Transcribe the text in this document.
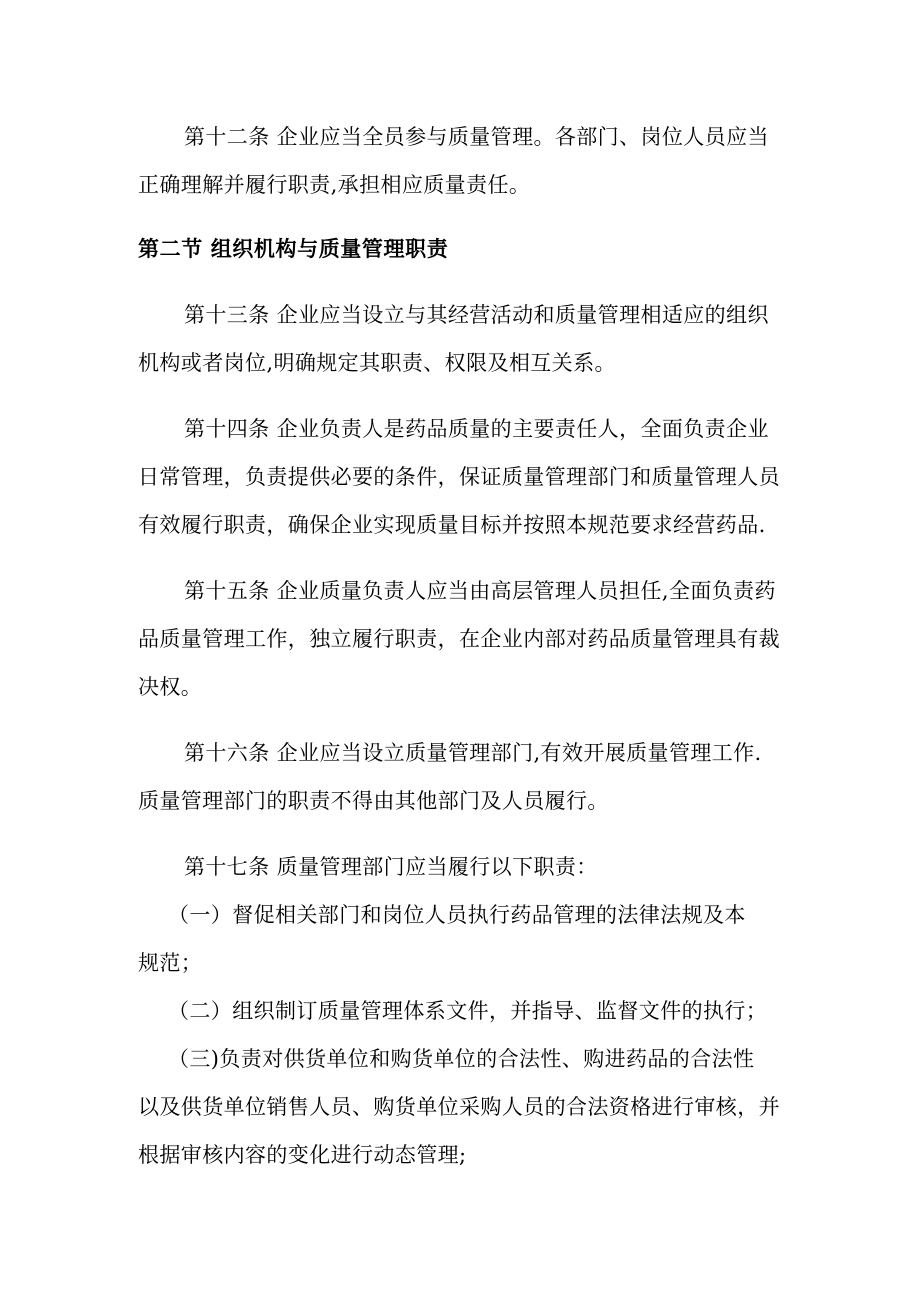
第十二条 企业应当全员参与质量管理。各部门、岗位人员应当
正确理解并履行职责,承担相应质量责任。
第二节 组织机构与质量管理职责
第十三条 企业应当设立与其经营活动和质量管理相适应的组织
机构或者岗位,明确规定其职责、权限及相互关系。
第十四条 企业负责人是药品质量的主要责任人，全面负责企业
日常管理，负责提供必要的条件，保证质量管理部门和质量管理人员
有效履行职责，确保企业实现质量目标并按照本规范要求经营药品.
第十五条 企业质量负责人应当由高层管理人员担任,全面负责药
品质量管理工作，独立履行职责，在企业内部对药品质量管理具有裁
决权。
第十六条 企业应当设立质量管理部门,有效开展质量管理工作.
质量管理部门的职责不得由其他部门及人员履行。
第十七条 质量管理部门应当履行以下职责：
（一）督促相关部门和岗位人员执行药品管理的法律法规及本
规范；
（二）组织制订质量管理体系文件，并指导、监督文件的执行；
（三)负责对供货单位和购货单位的合法性、购进药品的合法性
以及供货单位销售人员、购货单位采购人员的合法资格进行审核，并
根据审核内容的变化进行动态管理;
